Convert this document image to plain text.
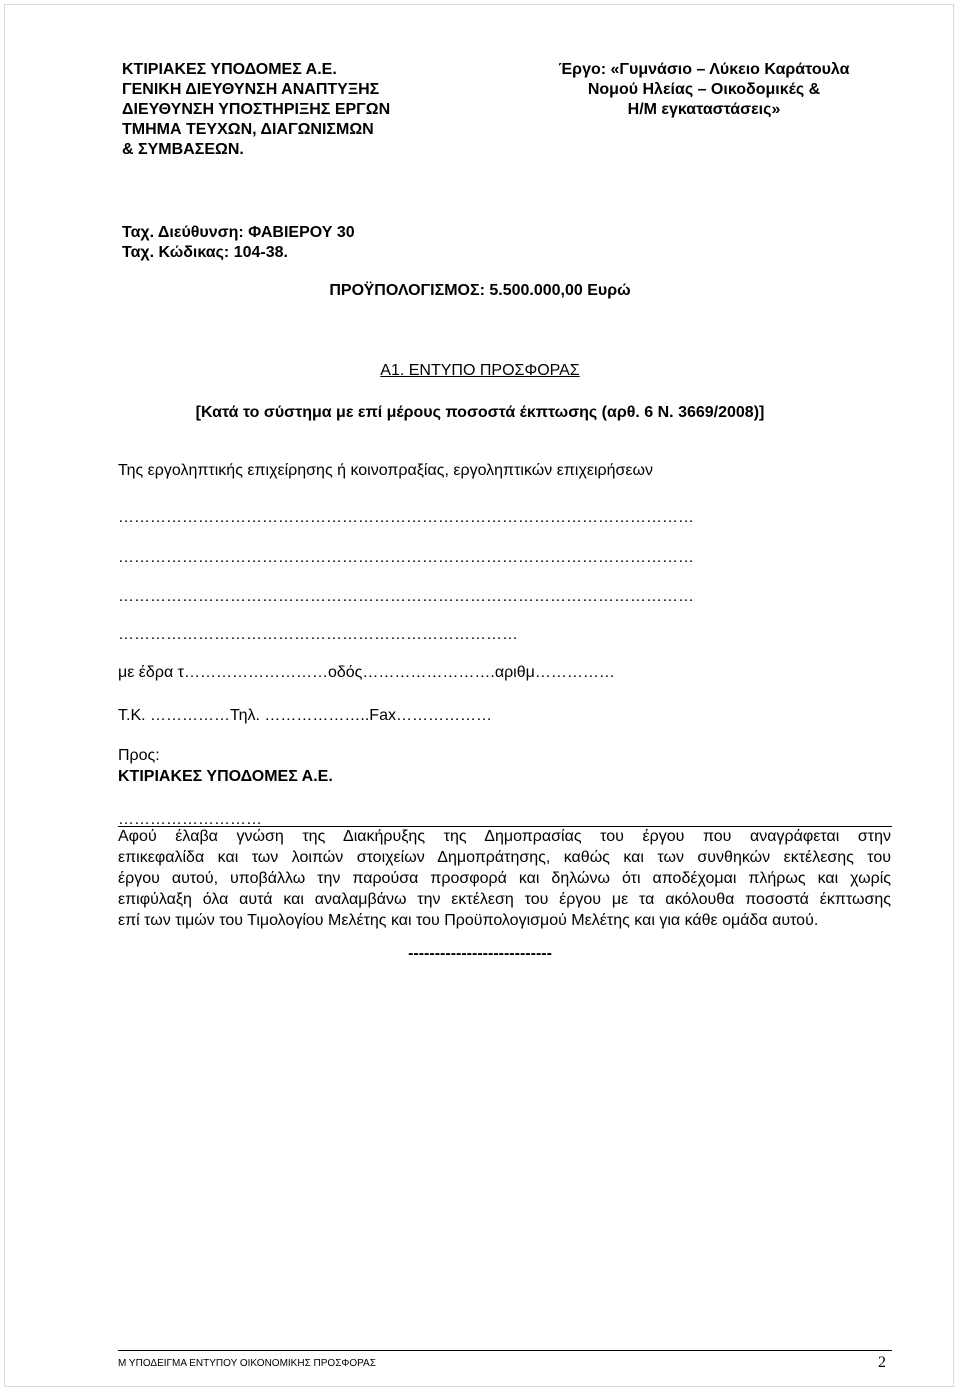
ΚΤΙΡΙΑΚΕΣ ΥΠΟΔΟΜΕΣ Α.Ε.
ΓΕΝΙΚΗ ΔΙΕΥΘΥΝΣΗ ΑΝΑΠΤΥΞΗΣ
ΔΙΕΥΘΥΝΣΗ ΥΠΟΣΤΗΡΙΞΗΣ ΕΡΓΩΝ
ΤΜΗΜΑ ΤΕΥΧΩΝ, ΔΙΑΓΩΝΙΣΜΩΝ
& ΣΥΜΒΑΣΕΩΝ.
Έργο: «Γυμνάσιο – Λύκειο Καράτουλα
Νομού Ηλείας – Οικοδομικές &
Η/Μ εγκαταστάσεις»
Ταχ. Διεύθυνση: ΦΑΒΙΕΡΟΥ 30
Ταχ. Κώδικας: 104-38.
ΠΡΟΫΠΟΛΟΓΙΣΜΟΣ: 5.500.000,00 Ευρώ
Α1. ΕΝΤΥΠΟ ΠΡΟΣΦΟΡΑΣ
[Κατά το σύστημα με επί μέρους ποσοστά έκπτωσης (αρθ. 6 Ν. 3669/2008)]
Της εργοληπτικής επιχείρησης ή κοινοπραξίας, εργοληπτικών επιχειρήσεων
………………………………………………………………………………………………
………………………………………………………………………………………………
………………………………………………………………………………………………
…………………………………………………………………
με έδρα τ………………………οδός…………………….αριθμ……………
Τ.Κ. ……………Τηλ. ………………..Fax………………
Προς:
ΚΤΙΡΙΑΚΕΣ ΥΠΟΔΟΜΕΣ Α.Ε.
………………………
Αφού έλαβα γνώση της Διακήρυξης της Δημοπρασίας του έργου που αναγράφεται στην
επικεφαλίδα και των λοιπών στοιχείων Δημοπράτησης, καθώς και των συνθηκών εκτέλεσης του
έργου αυτού, υποβάλλω την παρούσα προσφορά και δηλώνω ότι αποδέχομαι πλήρως και χωρίς
επιφύλαξη όλα αυτά και αναλαμβάνω την εκτέλεση του έργου με τα ακόλουθα ποσοστά έκπτωσης
επί των τιμών του Τιμολογίου Μελέτης και του Προϋπολογισμού Μελέτης και για κάθε ομάδα αυτού.
---------------------------
Μ ΥΠΟΔΕΙΓΜΑ ΕΝΤΥΠΟΥ ΟΙΚΟΝΟΜΙΚΗΣ ΠΡΟΣΦΟΡΑΣ	2
